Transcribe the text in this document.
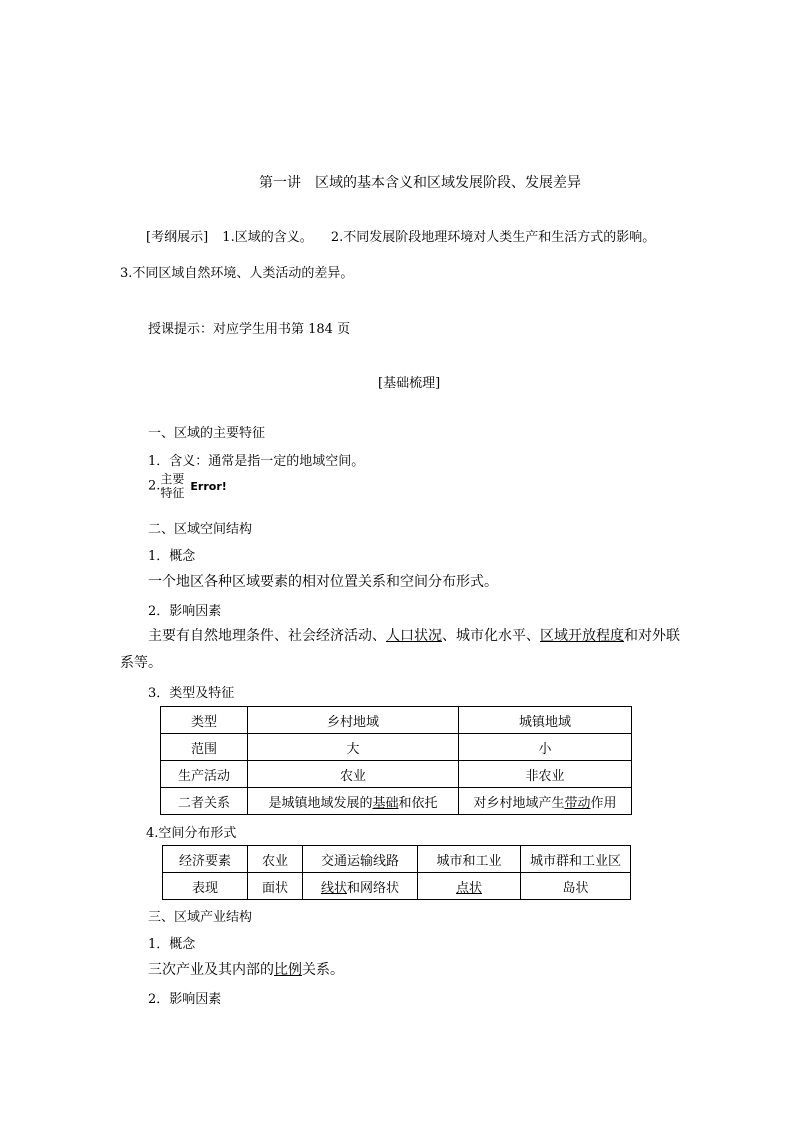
第一讲　区域的基本含义和区域发展阶段、发展差异
[考纲展示] 1.区域的含义。 2.不同发展阶段地理环境对人类生产和生活方式的影响。
3.不同区域自然环境、人类活动的差异。
授课提示：对应学生用书第 184 页
[基础梳理]
一、区域的主要特征
1．含义：通常是指一定的地域空间。
2.主要
特征 Error!
二、区域空间结构
1．概念
一个地区各种区域要素的相对位置关系和空间分布形式。
2．影响因素
主要有自然地理条件、社会经济活动、人口状况、城市化水平、区域开放程度和对外联系等。
3．类型及特征
类型	乡村地域	城镇地域
范围	大	小
生产活动	农业	非农业
二者关系	是城镇地域发展的基础和依托	对乡村地域产生带动作用
4.空间分布形式
经济要素	农业	交通运输线路	城市和工业	城市群和工业区
表现	面状	线状和网络状	点状	岛状
三、区域产业结构
1．概念
三次产业及其内部的比例关系。
2．影响因素
